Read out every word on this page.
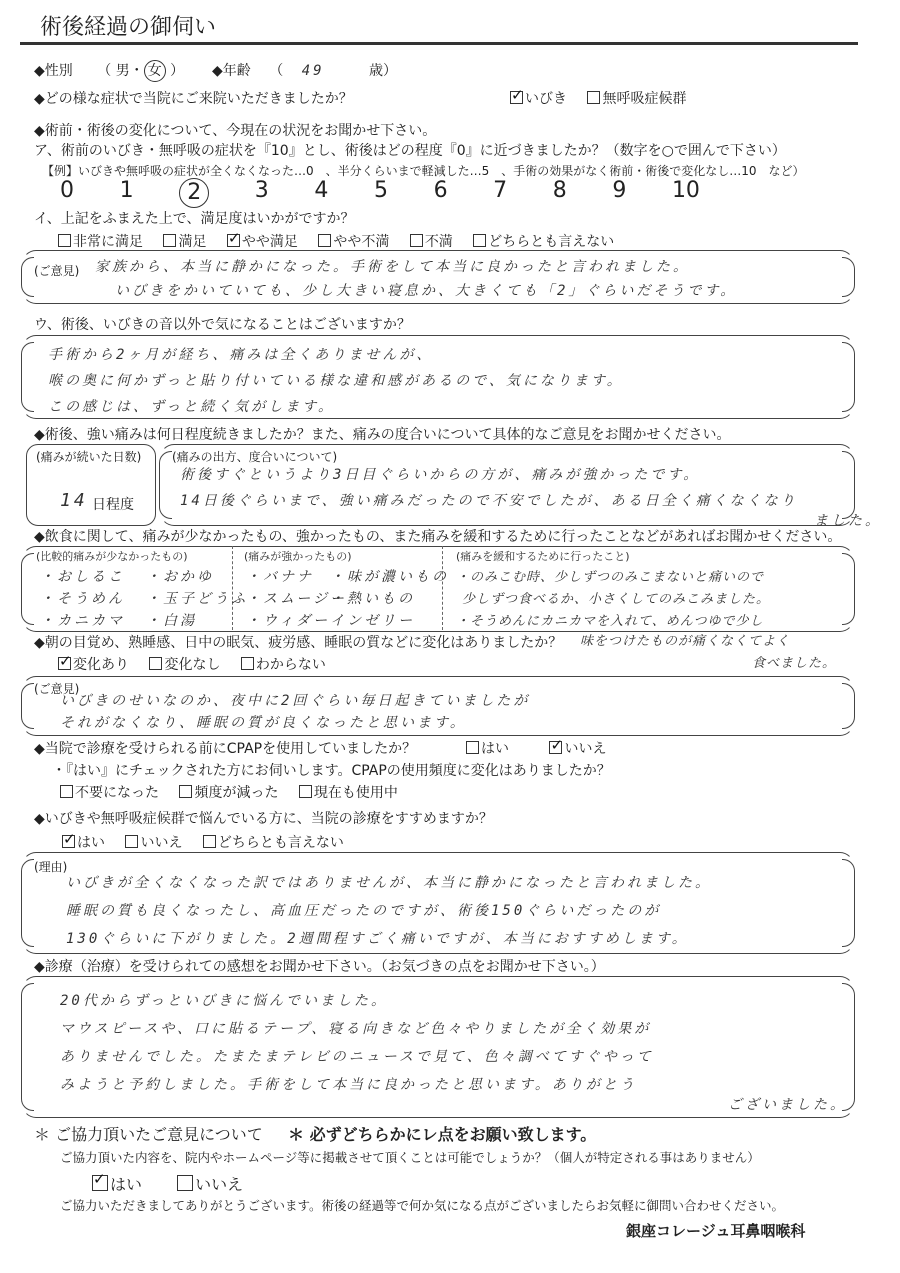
術後経過の御伺い
◆性別 （ 男・ 女 ） ◆年齢 （ 49	歳）
◆どの様な症状で当院にご来院いただきましたか？ ✓	いびき	無呼吸症候群
◆術前・術後の変化について、今現在の状況をお聞かせ下さい。
ア、術前のいびき・無呼吸の症状を『10』とし、術後はどの程度『0』に近づきましたか？（数字を○で囲んで下さい）
【例】いびきや無呼吸の症状が全くなくなった…0　、半分くらいまで軽減した…5　、手術の効果がなく術前・術後で変化なし…10　など）
0 1	2	3 4 5 6 7 8 9 10
イ、上記をふまえた上で、満足度はいかがですか？
非常に満足	満足 ✓	やや満足	やや不満	不満	どちらとも言えない
(ご意見) 家族から、本当に静かになった。手術をして本当に良かったと言われました。
いびきをかいていても、少し大きい寝息か、大きくても「2」ぐらいだそうです。
ウ、術後、いびきの音以外で気になることはございますか？
手術から2ヶ月が経ち、痛みは全くありませんが、
喉の奥に何かずっと貼り付いている様な違和感があるので、気になります。
この感じは、ずっと続く気がします。
◆術後、強い痛みは何日程度続きましたか？また、痛みの度合いについて具体的なご意見をお聞かせください。
(痛みが続いた日数)
14 日程度
(痛みの出方、度合いについて)
術後すぐというより3日目ぐらいからの方が、痛みが強かったです。
14日後ぐらいまで、強い痛みだったので不安でしたが、ある日全く痛くなくなり
ました。
◆飲食に関して、痛みが少なかったもの、強かったもの、また痛みを緩和するために行ったことなどがあればお聞かせください。
(比較的痛みが少なかったもの)
・おしるこ ・おかゆ
・そうめん ・玉子どうふ
・カニカマ ・白湯
(痛みが強かったもの)
・バナナ ・味が濃いもの
・スムージー
・熱いもの
・ウィダーインゼリー
(痛みを緩和するために行ったこと)
・のみこむ時、少しずつのみこまないと痛いので
少しずつ食べるか、小さくしてのみこみました。
・そうめんにカニカマを入れて、めんつゆで少し
味をつけたものが痛くなくてよく
食べました。
◆朝の目覚め、熟睡感、日中の眠気、疲労感、睡眠の質などに変化はありましたか？
✓変化あり	変化なし	わからない
(ご意見)
いびきのせいなのか、夜中に2回ぐらい毎日起きていましたが
それがなくなり、睡眠の質が良くなったと思います。
◆当院で診療を受けられる前にCPAPを使用していましたか？	はい ✓	いいえ
・『はい』にチェックされた方にお伺いします。CPAPの使用頻度に変化はありましたか？
不要になった	頻度が減った	現在も使用中
◆いびきや無呼吸症候群で悩んでいる方に、当院の診療をすすめますか？
✓はい	いいえ	どちらとも言えない
(理由)
いびきが全くなくなった訳ではありませんが、本当に静かになったと言われました。
睡眠の質も良くなったし、高血圧だったのですが、術後150ぐらいだったのが
130ぐらいに下がりました。2週間程すごく痛いですが、本当におすすめします。
◆診療（治療）を受けられての感想をお聞かせ下さい。（お気づきの点をお聞かせ下さい。）
20代からずっといびきに悩んでいました。
マウスピースや、口に貼るテープ、寝る向きなど色々やりましたが全く効果が
ありませんでした。たまたまテレビのニュースで見て、色々調べてすぐやって
みようと予約しました。手術をして本当に良かったと思います。ありがとう
ございました。
＊ ご協力頂いたご意見について ＊ 必ずどちらかにレ点をお願い致します。
ご協力頂いた内容を、院内やホームページ等に掲載させて頂くことは可能でしょうか？（個人が特定される事はありません）
✓はい	いいえ
ご協力いただきましてありがとうございます。術後の経過等で何か気になる点がございましたらお気軽に御問い合わせください。
銀座コレージュ耳鼻咽喉科
